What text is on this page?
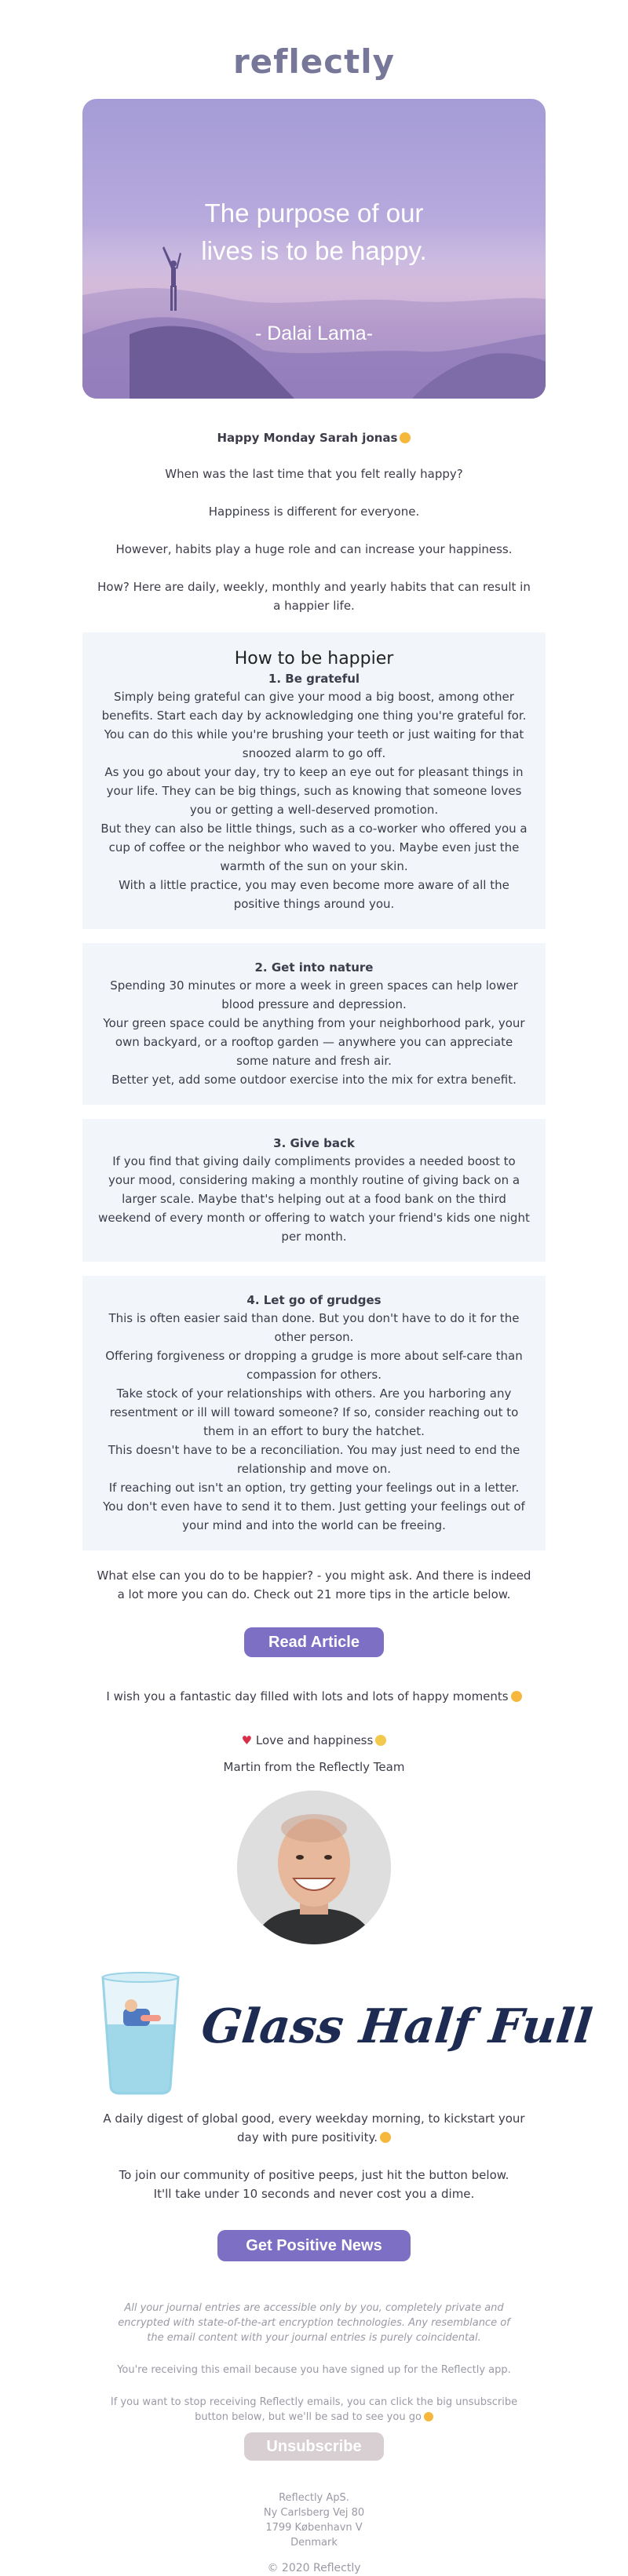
reflectly
The purpose of our
lives is to be happy.
- Dalai Lama-
Happy Monday Sarah jonas
When was the last time that you felt really happy?
Happiness is different for everyone.
However, habits play a huge role and can increase your happiness.
How? Here are daily, weekly, monthly and yearly habits that can result in a happier life.
How to be happier
1. Be grateful

Simply being grateful can give your mood a big boost, among other benefits. Start each day by acknowledging one thing you're grateful for. You can do this while you're brushing your teeth or just waiting for that snoozed alarm to go off.

As you go about your day, try to keep an eye out for pleasant things in your life. They can be big things, such as knowing that someone loves you or getting a well-deserved promotion.

But they can also be little things, such as a co-worker who offered you a cup of coffee or the neighbor who waved to you. Maybe even just the warmth of the sun on your skin.

With a little practice, you may even become more aware of all the positive things around you.

2. Get into nature

Spending 30 minutes or more a week in green spaces can help lower blood pressure and depression.

Your green space could be anything from your neighborhood park, your own backyard, or a rooftop garden — anywhere you can appreciate some nature and fresh air.

Better yet, add some outdoor exercise into the mix for extra benefit.

3. Give back

If you find that giving daily compliments provides a needed boost to your mood, considering making a monthly routine of giving back on a larger scale. Maybe that's helping out at a food bank on the third weekend of every month or offering to watch your friend's kids one night per month.

4. Let go of grudges

This is often easier said than done. But you don't have to do it for the other person.

Offering forgiveness or dropping a grudge is more about self-care than compassion for others.

Take stock of your relationships with others. Are you harboring any resentment or ill will toward someone? If so, consider reaching out to them in an effort to bury the hatchet.

This doesn't have to be a reconciliation. You may just need to end the relationship and move on.

If reaching out isn't an option, try getting your feelings out in a letter. You don't even have to send it to them. Just getting your feelings out of your mind and into the world can be freeing.

What else can you do to be happier? - you might ask. And there is indeed a lot more you can do. Check out 21 more tips in the article below.
Read Article
I wish you a fantastic day filled with lots and lots of happy moments
♥ Love and happiness
Martin from the Reflectly Team
Glass Half Full
A daily digest of global good, every weekday morning, to kickstart your day with pure positivity.
To join our community of positive peeps, just hit the button below.
It'll take under 10 seconds and never cost you a dime.
Get Positive News
All your journal entries are accessible only by you, completely private and encrypted with state-of-the-art encryption technologies. Any resemblance of the email content with your journal entries is purely coincidental.
You're receiving this email because you have signed up for the Reflectly app.
If you want to stop receiving Reflectly emails, you can click the big unsubscribe button below, but we'll be sad to see you go
Unsubscribe
Reflectly ApS.
Ny Carlsberg Vej 80
1799 København V
Denmark
© 2020 Reflectly
